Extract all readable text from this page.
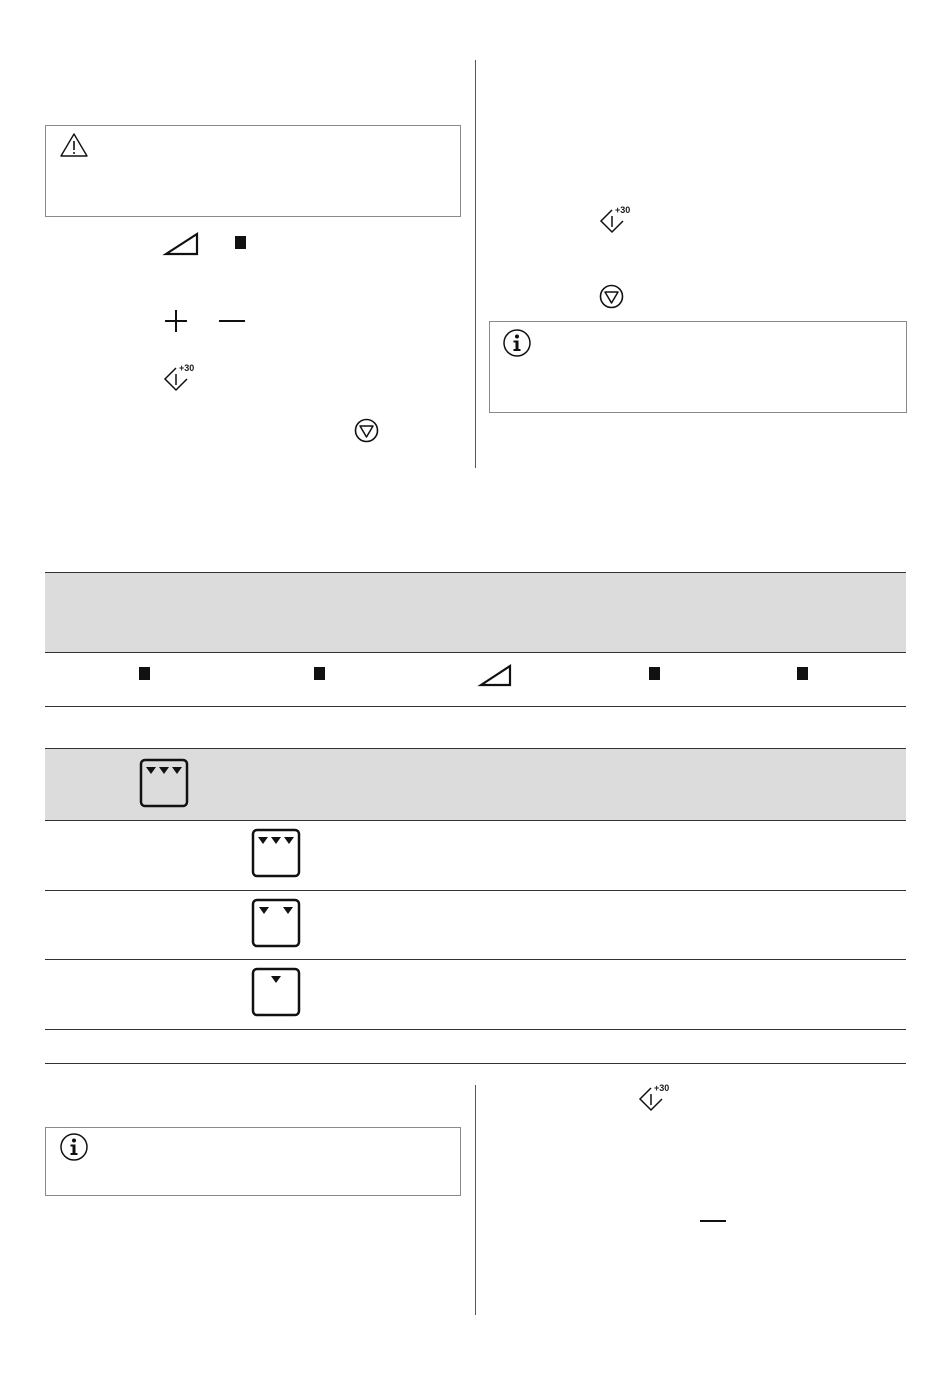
+30
+30
+30
